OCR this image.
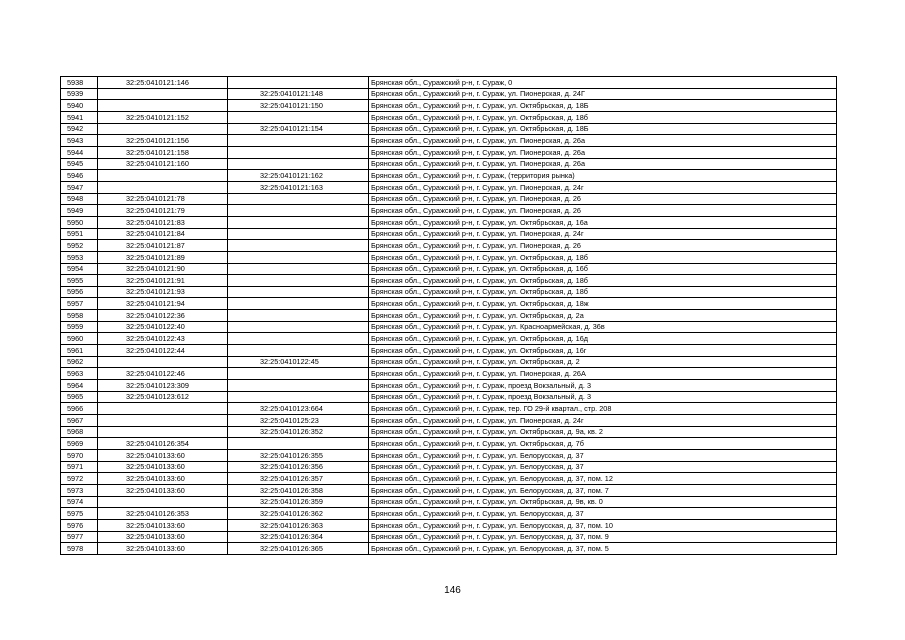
5938	32:25:0410121:146		Брянская обл., Суражский р-н, г. Сураж, 0
5939		32:25:0410121:148	Брянская обл., Суражский р-н, г. Сураж, ул. Пионерская, д. 24Г
5940		32:25:0410121:150	Брянская обл., Суражский р-н, г. Сураж, ул. Октябрьская, д. 18Б
5941	32:25:0410121:152		Брянская обл., Суражский р-н, г. Сураж, ул. Октябрьская, д. 18б
5942		32:25:0410121:154	Брянская обл., Суражский р-н, г. Сураж, ул. Октябрьская, д. 18Б
5943	32:25:0410121:156		Брянская обл., Суражский р-н, г. Сураж, ул. Пионерская, д. 26а
5944	32:25:0410121:158		Брянская обл., Суражский р-н, г. Сураж, ул. Пионерская, д. 26а
5945	32:25:0410121:160		Брянская обл., Суражский р-н, г. Сураж, ул. Пионерская, д. 26а
5946		32:25:0410121:162	Брянская обл., Суражский р-н, г. Сураж, (территория рынка)
5947		32:25:0410121:163	Брянская обл., Суражский р-н, г. Сураж, ул. Пионерская, д. 24г
5948	32:25:0410121:78		Брянская обл., Суражский р-н, г. Сураж, ул. Пионерская, д. 26
5949	32:25:0410121:79		Брянская обл., Суражский р-н, г. Сураж, ул. Пионерская, д. 26
5950	32:25:0410121:83		Брянская обл., Суражский р-н, г. Сураж, ул. Октябрьская, д. 16а
5951	32:25:0410121:84		Брянская обл., Суражский р-н, г. Сураж, ул. Пионерская, д. 24г
5952	32:25:0410121:87		Брянская обл., Суражский р-н, г. Сураж, ул. Пионерская, д. 26
5953	32:25:0410121:89		Брянская обл., Суражский р-н, г. Сураж, ул. Октябрьская, д. 18б
5954	32:25:0410121:90		Брянская обл., Суражский р-н, г. Сураж, ул. Октябрьская, д. 16б
5955	32:25:0410121:91		Брянская обл., Суражский р-н, г. Сураж, ул. Октябрьская, д. 18б
5956	32:25:0410121:93		Брянская обл., Суражский р-н, г. Сураж, ул. Октябрьская, д. 18б
5957	32:25:0410121:94		Брянская обл., Суражский р-н, г. Сураж, ул. Октябрьская, д. 18ж
5958	32:25:0410122:36		Брянская обл., Суражский р-н, г. Сураж, ул. Октябрьская, д. 2а
5959	32:25:0410122:40		Брянская обл., Суражский р-н, г. Сураж, ул. Красноармейская, д. 36в
5960	32:25:0410122:43		Брянская обл., Суражский р-н, г. Сураж, ул. Октябрьская, д. 16д
5961	32:25:0410122:44		Брянская обл., Суражский р-н, г. Сураж, ул. Октябрьская, д. 16г
5962		32:25:0410122:45	Брянская обл., Суражский р-н, г. Сураж, ул. Октябрьская, д. 2
5963	32:25:0410122:46		Брянская обл., Суражский р-н, г. Сураж, ул. Пионерская, д. 26А
5964	32:25:0410123:309		Брянская обл., Суражский р-н, г. Сураж, проезд Вокзальный, д. 3
5965	32:25:0410123:612		Брянская обл., Суражский р-н, г. Сураж, проезд Вокзальный, д. 3
5966		32:25:0410123:664	Брянская обл., Суражский р-н, г. Сураж, тер. ГО 29-й квартал., стр. 208
5967		32:25:0410125:23	Брянская обл., Суражский р-н, г. Сураж, ул. Пионерская, д. 24г
5968		32:25:0410126:352	Брянская обл., Суражский р-н, г. Сураж, ул. Октябрьская, д. 9а, кв. 2
5969	32:25:0410126:354		Брянская обл., Суражский р-н, г. Сураж, ул. Октябрьская, д. 7б
5970	32:25:0410133:60	32:25:0410126:355	Брянская обл., Суражский р-н, г. Сураж, ул. Белорусская, д. 37
5971	32:25:0410133:60	32:25:0410126:356	Брянская обл., Суражский р-н, г. Сураж, ул. Белорусская, д. 37
5972	32:25:0410133:60	32:25:0410126:357	Брянская обл., Суражский р-н, г. Сураж, ул. Белорусская, д. 37, пом. 12
5973	32:25:0410133:60	32:25:0410126:358	Брянская обл., Суражский р-н, г. Сураж, ул. Белорусская, д. 37, пом. 7
5974		32:25:0410126:359	Брянская обл., Суражский р-н, г. Сураж, ул. Октябрьская, д. 9в, кв. 0
5975	32:25:0410126:353	32:25:0410126:362	Брянская обл., Суражский р-н, г. Сураж, ул. Белорусская, д. 37
5976	32:25:0410133:60	32:25:0410126:363	Брянская обл., Суражский р-н, г. Сураж, ул. Белорусская, д. 37, пом. 10
5977	32:25:0410133:60	32:25:0410126:364	Брянская обл., Суражский р-н, г. Сураж, ул. Белорусская, д. 37, пом. 9
5978	32:25:0410133:60	32:25:0410126:365	Брянская обл., Суражский р-н, г. Сураж, ул. Белорусская, д. 37, пом. 5
146
